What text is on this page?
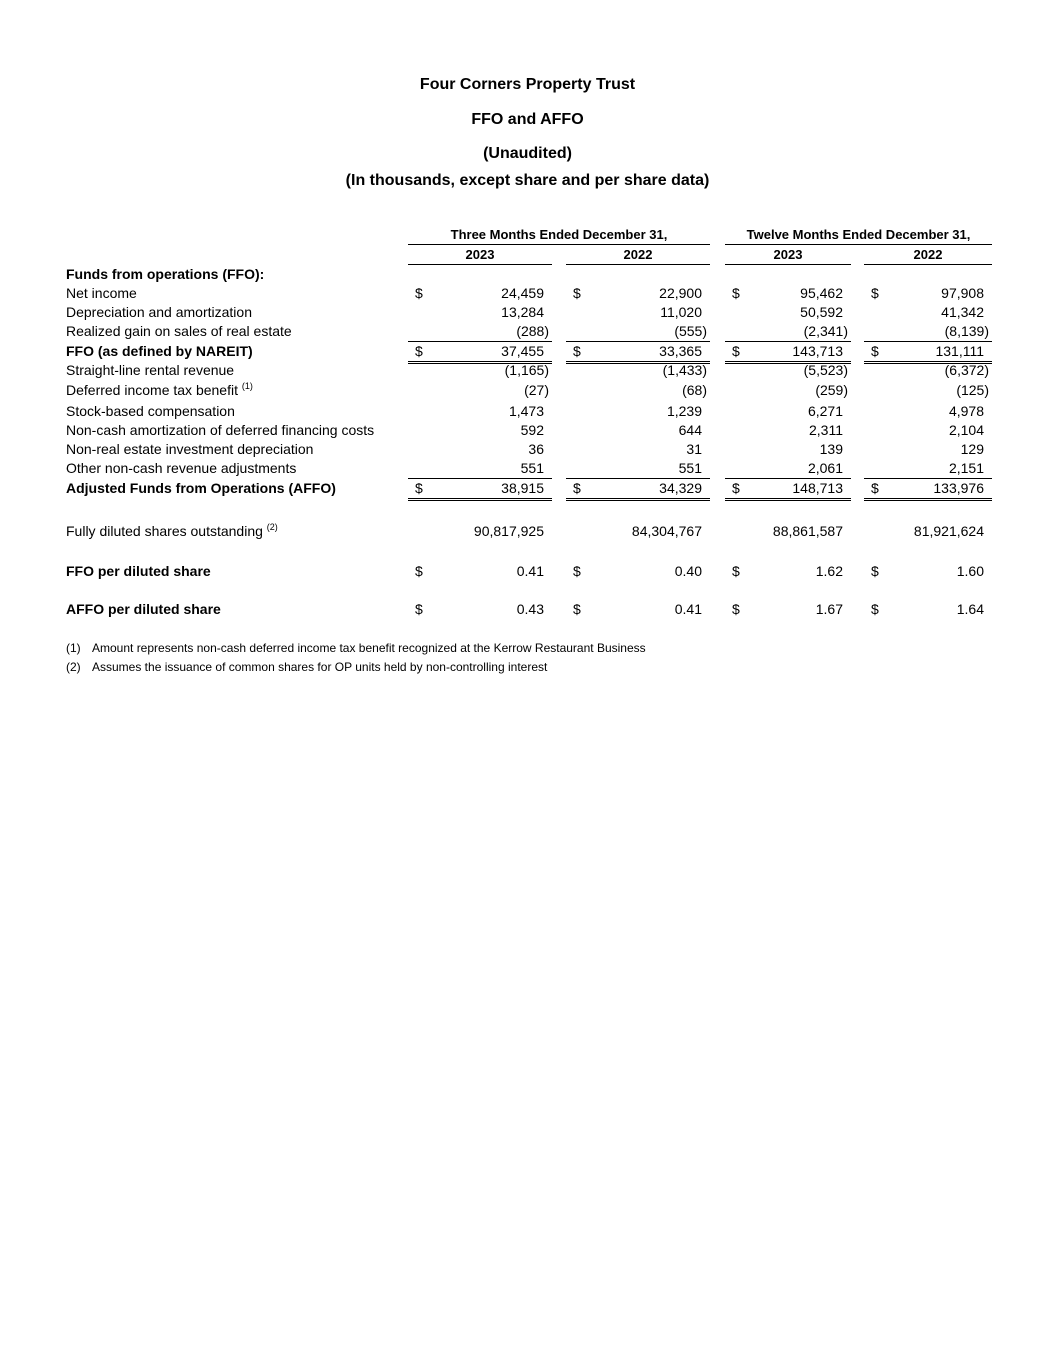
Four Corners Property Trust
FFO and AFFO
(Unaudited)
(In thousands, except share and per share data)
Three Months Ended December 31,	Twelve Months Ended December 31,
2023	2022	2023	2022
Funds from operations (FFO):
Net income	$	24,459 $	22,900 $	95,462 $	97,908
Depreciation and amortization	13,284	11,020	50,592	41,342
Realized gain on sales of real estate	(288)	(555)	(2,341)	(8,139)
FFO (as defined by NAREIT)	$	37,455 $	33,365 $	143,713 $	131,111
Straight-line rental revenue	(1,165)	(1,433)	(5,523)	(6,372)
Deferred income tax benefit $^{(1)}$	(27)	(68)	(259)	(125)
Stock-based compensation	1,473	1,239	6,271	4,978
Non-cash amortization of deferred financing costs	592	644	2,311	2,104
Non-real estate investment depreciation	36	31	139	129
Other non-cash revenue adjustments	551	551	2,061	2,151
Adjusted Funds from Operations (AFFO)	$	38,915 $	34,329 $	148,713 $	133,976
Fully diluted shares outstanding $^{(2)}$	90,817,925	84,304,767	88,861,587	81,921,624
FFO per diluted share	$	0.41 $	0.40 $	1.62 $	1.60
AFFO per diluted share	$	0.43 $	0.41 $	1.67 $	1.64
(1) Amount represents non-cash deferred income tax benefit recognized at the Kerrow Restaurant Business
(2) Assumes the issuance of common shares for OP units held by non-controlling interest
